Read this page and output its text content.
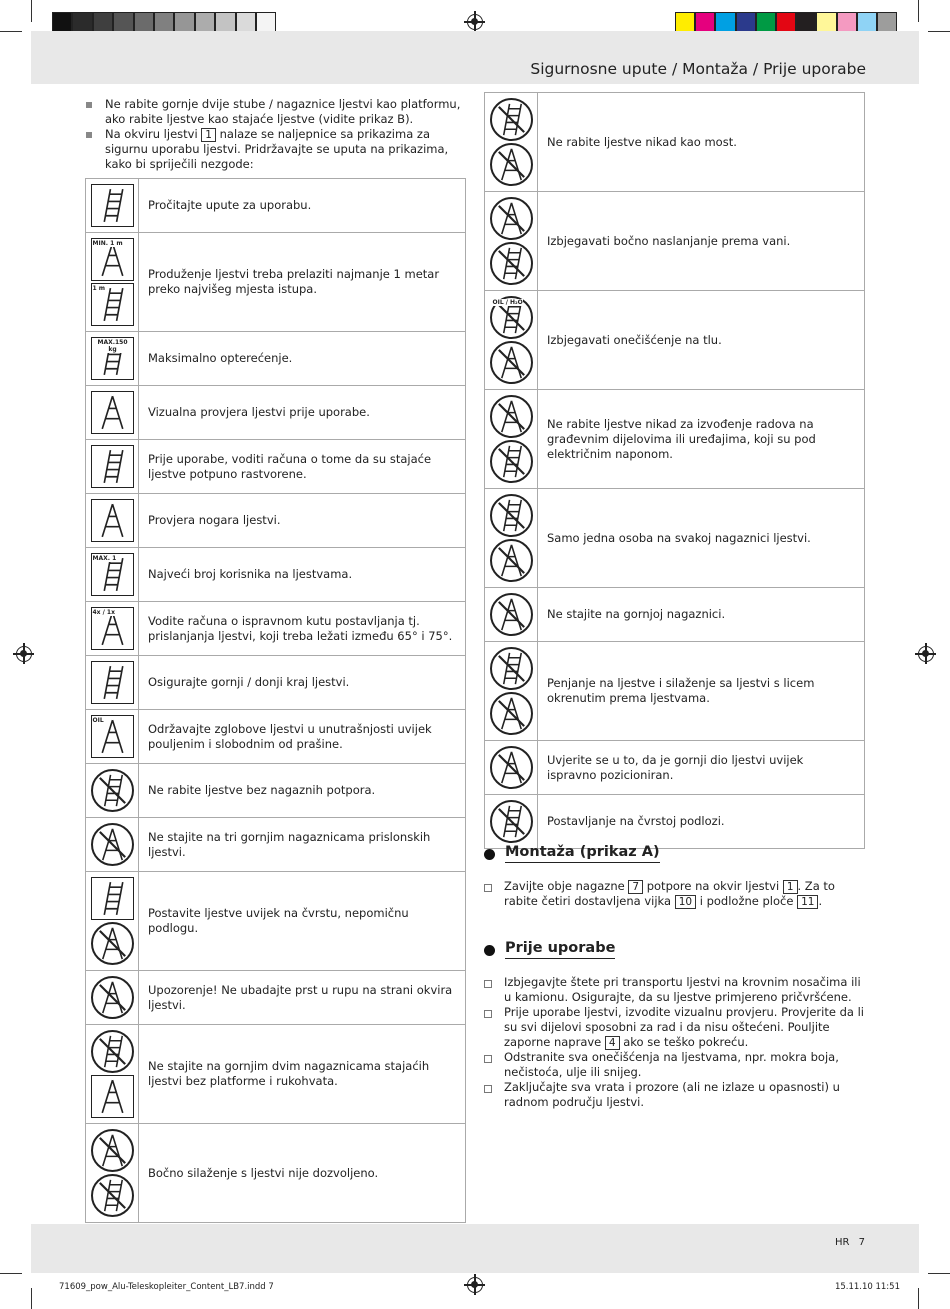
Sigurnosne upute / Montaža / Prije uporabe
Ne rabite gornje dvije stube / nagaznice ljestvi kao platformu, ako rabite ljestve kao stajaće ljestve (vidite prikaz B).
Na okviru ljestvi 1 nalaze se naljepnice sa prikazima za sigurnu uporabu ljestvi. Pridržavajte se uputa na prikazima, kako bi spriječili nezgode:
	Pročitajte upute za uporabu.

MIN. 1 m
1 m	Produženje ljestvi treba prelaziti najmanje 1 metar preko najvišeg mjesta istupa.

MAX.150 kg	Maksimalno opterećenje.

	Vizualna provjera ljestvi prije uporabe.

	Prije uporabe, voditi računa o tome da su stajaće ljestve potpuno rastvorene.

	Provjera nogara ljestvi.

MAX. 1	Najveći broj korisnika na ljestvama.

4x / 1x	Vodite računa o ispravnom kutu postavljanja tj. prislanjanja ljestvi, koji treba ležati između 65° i 75°.

	Osigurajte gornji / donji kraj ljestvi.

OIL	Održavajte zglobove ljestvi u unutrašnjosti uvijek pouljenim i slobodnim od prašine.

	Ne rabite ljestve bez nagaznih potpora.

	Ne stajite na tri gornjim nagaznicama prislonskih ljestvi.

	Postavite ljestve uvijek na čvrstu, nepomičnu podlogu.

	Upozorenje! Ne ubadajte prst u rupu na strani okvira ljestvi.

	Ne stajite na gornjim dvim nagaznicama stajaćih ljestvi bez platforme i rukohvata.

	Bočno silaženje s ljestvi nije dozvoljeno.
	Ne rabite ljestve nikad kao most.

	Izbjegavati bočno naslanjanje prema vani.

OIL / H₂O	Izbjegavati onečišćenje na tlu.

	Ne rabite ljestve nikad za izvođenje radova na građevnim dijelovima ili uređajima, koji su pod električnim naponom.

	Samo jedna osoba na svakoj nagaznici ljestvi.

	Ne stajite na gornjoj nagaznici.

	Penjanje na ljestve i silaženje sa ljestvi s licem okrenutim prema ljestvama.

	Uvjerite se u to, da je gornji dio ljestvi uvijek ispravno pozicioniran.

	Postavljanje na čvrstoj podlozi.
Montaža (prikaz A)
Zavijte obje nagazne 7 potpore na okvir ljestvi 1 . Za to rabite četiri dostavljena vijka 10 i podložne ploče 11 .
Prije uporabe
Izbjegavjte štete pri transportu ljestvi na krovnim nosačima ili u kamionu. Osigurajte, da su ljestve primjereno pričvršćene.
Prije uporabe ljestvi, izvodite vizualnu provjeru. Provjerite da li su svi dijelovi sposobni za rad i da nisu oštećeni. Pouljite zaporne naprave 4 ako se teško pokreću.
Odstranite sva onečišćenja na ljestvama, npr. mokra boja, nečistoća, ulje ili snijeg.
Zaključajte sva vrata i prozore (ali ne izlaze u opasnosti) u radnom području ljestvi.
HR 7
71609_pow_Alu-Teleskopleiter_Content_LB7.indd 7	15.11.10 11:51
